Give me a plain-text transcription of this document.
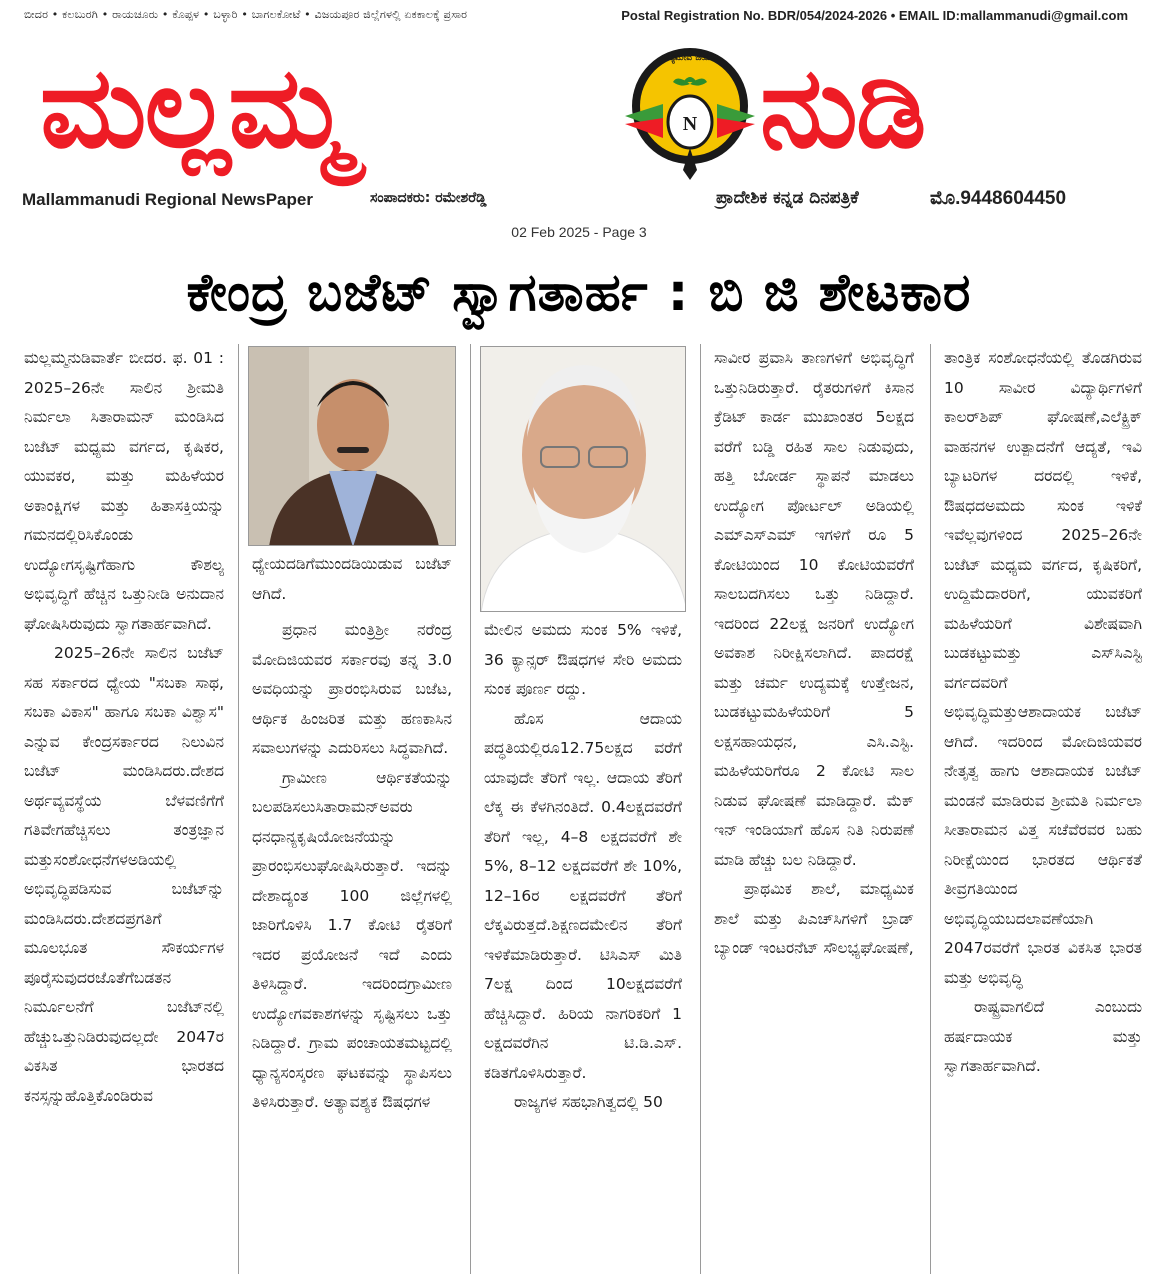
ಬೀದರ • ಕಲಬುರಗಿ • ರಾಯಚೂರು • ಕೊಪ್ಪಳ • ಬಳ್ಳಾರಿ • ಬಾಗಲಕೋಟೆ • ವಿಜಯಪೂರ ಜಿಲ್ಲೆಗಳಲ್ಲಿ ಏಕಕಾಲಕ್ಕೆ ಪ್ರಸಾರ	Postal Registration No. BDR/054/2024-2026 • EMAIL ID:mallammanudi@gmail.com
ಮಲ್ಲಮ್ಮ	ನುಡಿ
N
ಸತ್ಯಮೇವ ಜಯತೆ
Mallammanudi Regional NewsPaper	ಸಂಪಾದಕರು: ರಮೇಶರೆಡ್ಡಿ	ಪ್ರಾದೇಶಿಕ ಕನ್ನಡ ದಿನಪತ್ರಿಕೆ	ಮೊ.9448604450
02 Feb 2025 - Page 3
ಕೇಂದ್ರ ಬಜೆಟ್ ಸ್ವಾಗತಾರ್ಹ : ಬಿ ಜಿ ಶೇಟಕಾರ

ಮಲ್ಲಮ್ಮನುಡಿವಾರ್ತೆ ಬೀದರ. ಫ. 01 : 2025–26ನೇ ಸಾಲಿನ ಶ್ರೀಮತಿ ನಿರ್ಮಲಾ ಸಿತಾರಾಮನ್ ಮಂಡಿಸಿದ ಬಜೆಟ್ ಮಧ್ಯಮ ವರ್ಗದ, ಕೃಷಿಕರ, ಯುವಕರ, ಮತ್ತು ಮಹಿಳೆಯರ ಅಕಾಂಕ್ಷಿಗಳ ಮತ್ತು ಹಿತಾಸಕ್ತಿಯನ್ನು ಗಮನದಲ್ಲಿರಿಸಿಕೊಂಡು ಉದ್ಯೋಗಸೃಷ್ಟಿಗೆಹಾಗು ಕೌಶಲ್ಯ ಅಭಿವೃದ್ಧಿಗೆ ಹೆಚ್ಚಿನ ಒತ್ತುನೀಡಿ ಅನುದಾನ ಘೋಷಿಸಿರುವುದು ಸ್ವಾಗತಾರ್ಹವಾಗಿದೆ.

2025–26ನೇ ಸಾಲಿನ ಬಜೆಟ್ ಸಹ ಸರ್ಕಾರದ ಧ್ಯೇಯ "ಸಬಕಾ ಸಾಥ, ಸಬಕಾ ವಿಕಾಸ" ಹಾಗೂ ಸಬಕಾ ವಿಶ್ವಾಸ" ಎನ್ನುವ ಕೇಂದ್ರಸರ್ಕಾರದ ನಿಲುವಿನ ಬಜೆಟ್ ಮಂಡಿಸಿದರು.ದೇಶದ ಅರ್ಥವ್ಯವಸ್ಥೆಯ ಬೆಳವಣಿಗೆಗೆ ಗತಿವೇಗಹೆಚ್ಚಿಸಲು ತಂತ್ರಜ್ಞಾನ ಮತ್ತುಸಂಶೋಧನೆಗಳಅಡಿಯಲ್ಲಿ ಅಭಿವೃದ್ಧಿಪಡಿಸುವ ಬಜೆಟ್‌ನ್ನು ಮಂಡಿಸಿದರು.ದೇಶದಪ್ರಗತಿಗೆ ಮೂಲಭೂತ ಸೌಕರ್ಯಗಳ ಪೂರೈಸುವುದರಜೊತೆಗೆಬಡತನ ನಿರ್ಮೂಲನೆಗೆ ಬಜೆಟ್‌ನಲ್ಲಿ ಹೆಚ್ಚುಒತ್ತುನಿಡಿರುವುದಲ್ಲದೇ 2047ರ ವಿಕಸಿತ ಭಾರತದ ಕನಸ್ಸನ್ನುಹೊತ್ತಿಕೊಂಡಿರುವ

ಧ್ಯೇಯದಡಿಗೆಮುಂದಡಿಯಿಡುವ ಬಜೆಟ್ ಆಗಿದೆ.

ಪ್ರಧಾನ ಮಂತ್ರಿಶ್ರೀ ನರೆಂದ್ರ ಮೋದಿಜಿಯವರ ಸರ್ಕಾರವು ತನ್ನ 3.0 ಅವಧಿಯನ್ನು ಪ್ರಾರಂಭಿಸಿರುವ ಬಜೆಟ, ಆರ್ಥಿಕ ಹಿಂಜರಿತ ಮತ್ತು ಹಣಕಾಸಿನ ಸವಾಲುಗಳನ್ನು ಎದುರಿಸಲು ಸಿದ್ಧವಾಗಿದೆ.

ಗ್ರಾಮೀಣ ಆರ್ಥಿಕತೆಯನ್ನು ಬಲಪಡಿಸಲುಸಿತಾರಾಮನ್‌ಅವರು ಧನಧಾನ್ಯಕೃಷಿಯೋಜನೆಯನ್ನು ಪ್ರಾರಂಭಿಸಲುಘೋಷಿಸಿರುತ್ತಾರೆ. ಇದನ್ನು ದೇಶಾದ್ಯಂತ 100 ಜಿಲ್ಲೆಗಳಲ್ಲಿ ಜಾರಿಗೊಳಿಸಿ 1.7 ಕೋಟಿ ರೈತರಿಗೆ ಇದರ ಪ್ರಯೋಜನೆ ಇದೆ ಎಂದು ತಿಳಿಸಿದ್ದಾರೆ. ಇದರಿಂದಗ್ರಾಮೀಣ ಉದ್ಯೋಗವಕಾಶಗಳನ್ನು ಸೃಷ್ಟಿಸಲು ಒತ್ತು ನಿಡಿದ್ದಾರೆ. ಗ್ರಾಮ ಪಂಚಾಯತಮಟ್ಟದಲ್ಲಿ ಧ್ಯಾನ್ಯಸಂಸ್ಕರಣ ಘಟಕವನ್ನು ಸ್ಥಾಪಿಸಲು ತಿಳಿಸಿರುತ್ತಾರೆ. ಅತ್ಯಾವಶ್ಯಕ ಔಷಧಗಳ

ಮೇಲಿನ ಅಮದು ಸುಂಕ 5% ಇಳಿಕೆ, 36 ಕ್ಯಾನ್ಸರ್ ಔಷಧಗಳ ಸೇರಿ ಅಮದು ಸುಂಕ ಪೂರ್ಣ ರದ್ದು.

ಹೊಸ ಆದಾಯ ಪದ್ಧತಿಯಲ್ಲಿರೂ12.75ಲಕ್ಷದ ವರೆಗೆ ಯಾವುದೇ ತೆರಿಗೆ ಇಲ್ಲ. ಆದಾಯ ತೆರಿಗೆ ಲೆಕ್ಕ ಈ ಕೆಳಗಿನಂತಿದೆ. 0.4ಲಕ್ಷದವರೆಗೆ ತೆರಿಗೆ ಇಲ್ಲ, 4–8 ಲಕ್ಷದವರೆಗೆ ಶೇ 5%, 8–12 ಲಕ್ಷದವರೆಗೆ ಶೇ 10%, 12–16ರ ಲಕ್ಷದವರೆಗೆ ತೆರಿಗೆ ಲೆಕ್ಕವಿರುತ್ತದೆ.ಶಿಕ್ಷಣದಮೇಲಿನ ತೆರಿಗೆ ಇಳಿಕೆಮಾಡಿರುತ್ತಾರೆ. ಟಿಸಿಎಸ್ ಮಿತಿ 7ಲಕ್ಷ ದಿಂದ 10ಲಕ್ಷದವರೆಗೆ ಹೆಚ್ಚಿಸಿದ್ದಾರೆ. ಹಿರಿಯ ನಾಗರಿಕರಿಗೆ 1 ಲಕ್ಷದವರೆಗಿನ ಟಿ.ಡಿ.ಎಸ್. ಕಡಿತಗೊಳಿಸಿರುತ್ತಾರೆ.

ರಾಜ್ಯಗಳ ಸಹಭಾಗಿತ್ವದಲ್ಲಿ 50

ಸಾವೀರ ಪ್ರವಾಸಿ ತಾಣಗಳಿಗೆ ಅಭಿವೃದ್ಧಿಗೆ ಒತ್ತುನಿಡಿರುತ್ತಾರೆ. ರೈತರುಗಳಿಗೆ ಕಿಸಾನ ಕ್ರೆಡಿಟ್ ಕಾರ್ಡ ಮುಖಾಂತರ 5ಲಕ್ಷದ ವರೆಗೆ ಬಡ್ಡಿ ರಹಿತ ಸಾಲ ನಿಡುವುದು, ಹತ್ತಿ ಬೋರ್ಡ ಸ್ಥಾಪನೆ ಮಾಡಲು ಉದ್ಯೋಗ ಪೋರ್ಟಲ್ ಅಡಿಯಲ್ಲಿ ಎಮ್‌ಎಸ್‌ಎಮ್‌ ಇಗಳಿಗೆ ರೂ 5 ಕೋಟಿಯಿಂದ 10 ಕೋಟಿಯವರೆಗೆ ಸಾಲಬದಗಿಸಲು ಒತ್ತು ನಿಡಿದ್ದಾರೆ. ಇದರಿಂದ 22ಲಕ್ಷ ಜನರಿಗೆ ಉದ್ಯೋಗ ಅವಕಾಶ ನಿರೀಕ್ಷಿಸಲಾಗಿದೆ. ಪಾದರಕ್ಷೆ ಮತ್ತು ಚರ್ಮ ಉದ್ಯಮಕ್ಕೆ ಉತ್ತೇಜನ, ಬುಡಕಟ್ಟುಮಹಿಳೆಯರಿಗೆ 5 ಲಕ್ಷಸಹಾಯಧನ, ಎಸಿ.ಎಸ್ಟಿ. ಮಹಿಳೆಯರಿಗೆರೂ 2 ಕೋಟಿ ಸಾಲ ನಿಡುವ ಘೋಷಣೆ ಮಾಡಿದ್ದಾರೆ. ಮೆಕ್ ಇನ್ ಇಂಡಿಯಾಗೆ ಹೊಸ ನಿತಿ ನಿರುಪಣೆ ಮಾಡಿ ಹೆಚ್ಚು ಬಲ ನಿಡಿದ್ದಾರೆ.

ಪ್ರಾಥಮಿಕ ಶಾಲೆ, ಮಾಧ್ಯಮಿಕ ಶಾಲೆ ಮತ್ತು ಪಿಎಚ್‌ಸಿಗಳಿಗೆ ಬ್ರಾಡ್ ಬ್ಯಾಂಡ್ ಇಂಟರನೆಟ್ ಸೌಲಭ್ಯಘೋಷಣೆ,

ತಾಂತ್ರಿಕ ಸಂಶೋಧನೆಯಲ್ಲಿ ತೊಡಗಿರುವ 10 ಸಾವೀರ ವಿದ್ಯಾರ್ಥಿಗಳಿಗೆ ಕಾಲರ್‌ಶಿಪ್ ಘೋಷಣೆ,ಎಲೆಕ್ಟ್ರಿಕ್ ವಾಹನಗಳ ಉತ್ಪಾದನೆಗೆ ಆದ್ಯತೆ, ಇವಿ ಬ್ಯಾಟರಿಗಳ ದರದಲ್ಲಿ ಇಳಿಕೆ, ಔಷಧದಅಮದು ಸುಂಕ ಇಳಿಕೆ ಇವೆಲ್ಲವುಗಳಿಂದ 2025–26ನೇ ಬಜೆಟ್ ಮಧ್ಯಮ ವರ್ಗದ, ಕೃಷಿಕರಿಗೆ, ಉದ್ದಿಮೆದಾರರಿಗೆ, ಯುವಕರಿಗೆ ಮಹಿಳೆಯರಿಗೆ ವಿಶೇಷವಾಗಿ ಬುಡಕಟ್ಟುಮತ್ತು ಎಸ್‌ಸಿಎಸ್ಟಿ ವರ್ಗದವರಿಗೆ ಅಭಿವೃದ್ಧಿಮತ್ತುಆಶಾದಾಯಕ ಬಜೆಟ್ ಆಗಿದೆ. ಇದರಿಂದ ಮೋದಿಜಿಯವರ ನೇತೃತ್ವ ಹಾಗು ಆಶಾದಾಯಕ ಬಜೆಟ್ ಮಂಡನೆ ಮಾಡಿರುವ ಶ್ರೀಮತಿ ನಿರ್ಮಲಾ ಸೀತಾರಾಮನ ವಿತ್ತ ಸಚೆವೆರವರ ಬಹು ನಿರೀಕ್ಷೆಯಿಂದ ಭಾರತದ ಆರ್ಥಿಕತೆ ತೀವ್ರಗತಿಯಿಂದ ಅಭಿವೃದ್ಧಿಯಬದಲಾವಣೆಯಾಗಿ 2047ರವರೆಗೆ ಭಾರತ ವಿಕಸಿತ ಭಾರತ ಮತ್ತು ಅಭಿವೃದ್ಧಿ

ರಾಷ್ಟ್ರವಾಗಲಿದೆ ಎಂಬುದು ಹರ್ಷದಾಯಕ ಮತ್ತು ಸ್ವಾಗತಾರ್ಹವಾಗಿದೆ.
